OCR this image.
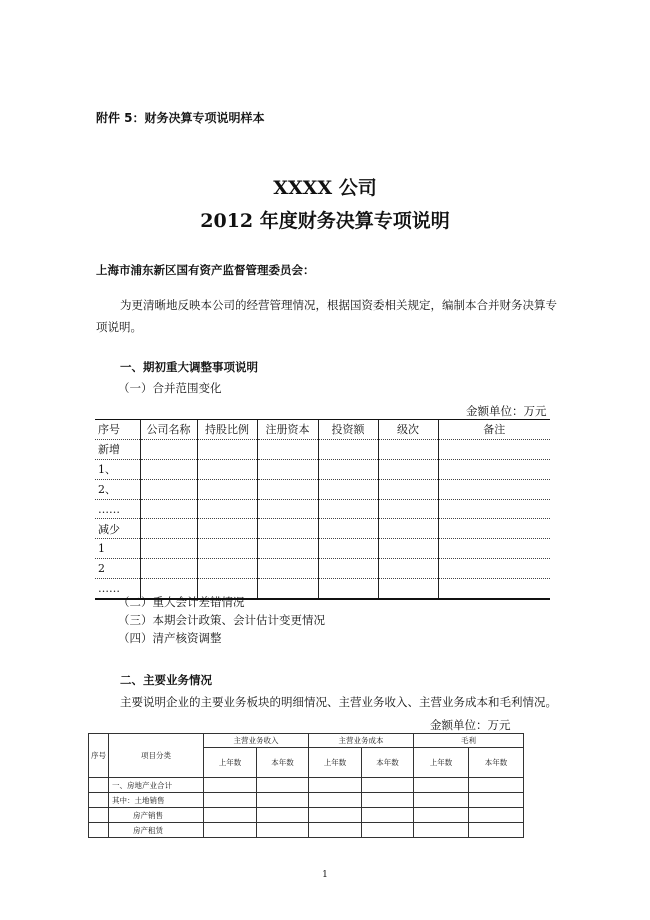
附件 5：财务决算专项说明样本
XXXX 公司
2012 年度财务决算专项说明
上海市浦东新区国有资产监督管理委员会：
为更清晰地反映本公司的经营管理情况，根据国资委相关规定，编制本合并财务决算专项说明。
一、期初重大调整事项说明
（一）合并范围变化
金额单位：万元
序号	公司名称	持股比例	注册资本	投资额	级次	备注
新增						
1、						
2、						
……						
减少						
1						
2						
……						
（二）重大会计差错情况
（三）本期会计政策、会计估计变更情况
（四）清产核资调整
二、主要业务情况
主要说明企业的主要业务板块的明细情况、主营业务收入、主营业务成本和毛利情况。
金额单位：万元
序号	项目分类	主营业务收入		主营业务成本		毛利	
		上年数	本年数	上年数	本年数	上年数	本年数
	一、房地产业合计						
	其中：土地销售						
	房产销售						
	房产租赁						
1
